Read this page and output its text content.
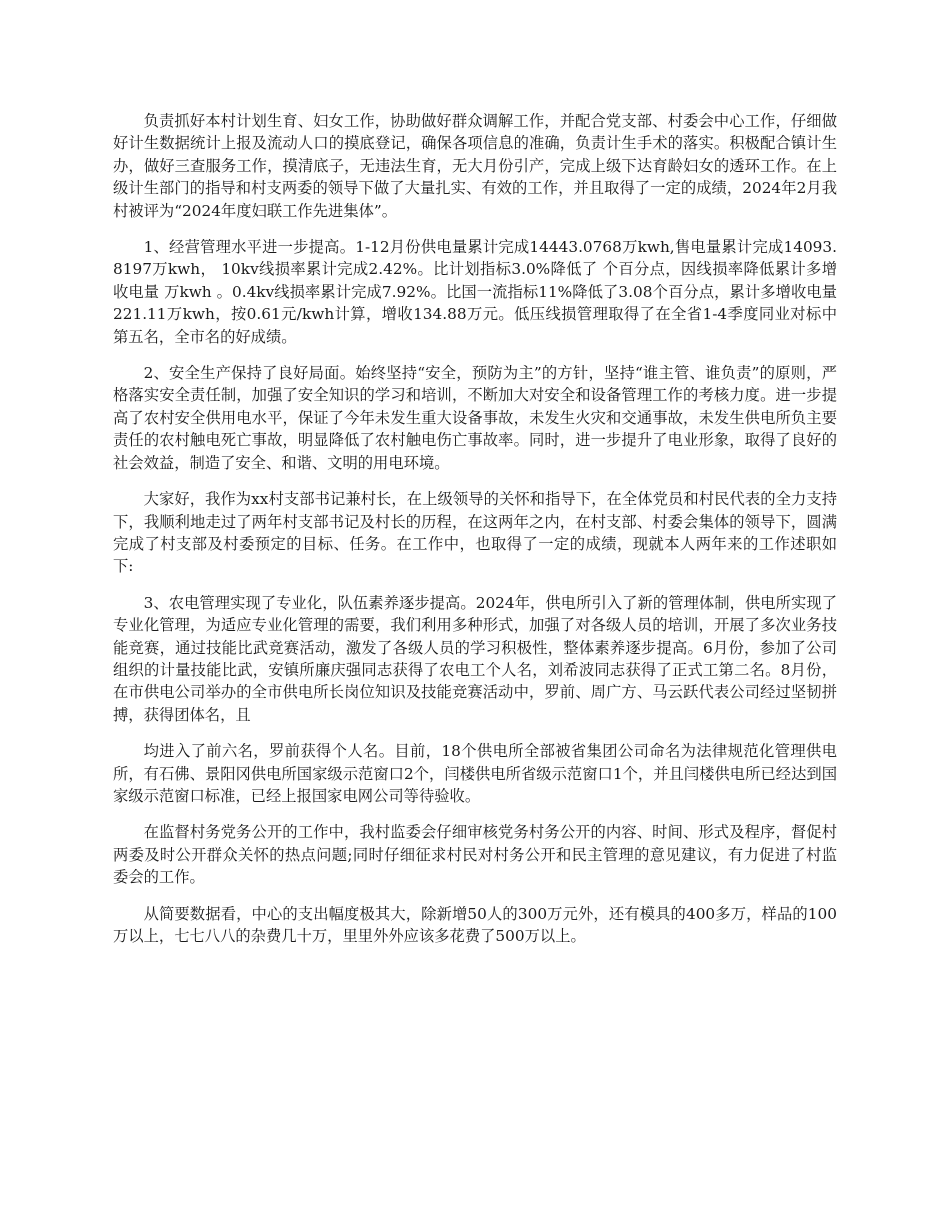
负责抓好本村计划生育、妇女工作，协助做好群众调解工作，并配合党支部、村委会中心工作，仔细做好计生数据统计上报及流动人口的摸底登记，确保各项信息的准确，负责计生手术的落实。积极配合镇计生办，做好三查服务工作，摸清底子，无违法生育，无大月份引产，完成上级下达育龄妇女的透环工作。在上级计生部门的指导和村支两委的领导下做了大量扎实、有效的工作，并且取得了一定的成绩，2024年2月我村被评为“2024年度妇联工作先进集体”。

1、经营管理水平进一步提高。1-12月份供电量累计完成14443.0768万kwh,售电量累计完成14093.8197万kwh， 10kv线损率累计完成2.42%。比计划指标3.0%降低了 个百分点，因线损率降低累计多增收电量 万kwh 。0.4kv线损率累计完成7.92%。比国一流指标11%降低了3.08个百分点，累计多增收电量221.11万kwh，按0.61元/kwh计算，增收134.88万元。低压线损管理取得了在全省1-4季度同业对标中第五名，全市名的好成绩。

2、安全生产保持了良好局面。始终坚持“安全，预防为主”的方针，坚持“谁主管、谁负责”的原则，严格落实安全责任制，加强了安全知识的学习和培训，不断加大对安全和设备管理工作的考核力度。进一步提高了农村安全供用电水平，保证了今年未发生重大设备事故，未发生火灾和交通事故，未发生供电所负主要责任的农村触电死亡事故，明显降低了农村触电伤亡事故率。同时，进一步提升了电业形象，取得了良好的社会效益，制造了安全、和谐、文明的用电环境。

大家好，我作为xx村支部书记兼村长，在上级领导的关怀和指导下，在全体党员和村民代表的全力支持下，我顺利地走过了两年村支部书记及村长的历程，在这两年之内，在村支部、村委会集体的领导下，圆满完成了村支部及村委预定的目标、任务。在工作中，也取得了一定的成绩，现就本人两年来的工作述职如下:

3、农电管理实现了专业化，队伍素养逐步提高。2024年，供电所引入了新的管理体制，供电所实现了专业化管理，为适应专业化管理的需要，我们利用多种形式，加强了对各级人员的培训，开展了多次业务技能竞赛，通过技能比武竞赛活动，激发了各级人员的学习积极性，整体素养逐步提高。6月份，参加了公司组织的计量技能比武，安镇所廉庆强同志获得了农电工个人名，刘希波同志获得了正式工第二名。8月份，在市供电公司举办的全市供电所长岗位知识及技能竞赛活动中，罗前、周广方、马云跃代表公司经过坚韧拼搏，获得团体名，且

均进入了前六名，罗前获得个人名。目前，18个供电所全部被省集团公司命名为法律规范化管理供电所，有石佛、景阳冈供电所国家级示范窗口2个，闫楼供电所省级示范窗口1个，并且闫楼供电所已经达到国家级示范窗口标准，已经上报国家电网公司等待验收。

在监督村务党务公开的工作中，我村监委会仔细审核党务村务公开的内容、时间、形式及程序，督促村两委及时公开群众关怀的热点问题;同时仔细征求村民对村务公开和民主管理的意见建议，有力促进了村监委会的工作。

从简要数据看，中心的支出幅度极其大，除新增50人的300万元外，还有模具的400多万，样品的100万以上，七七八八的杂费几十万，里里外外应该多花费了500万以上。
